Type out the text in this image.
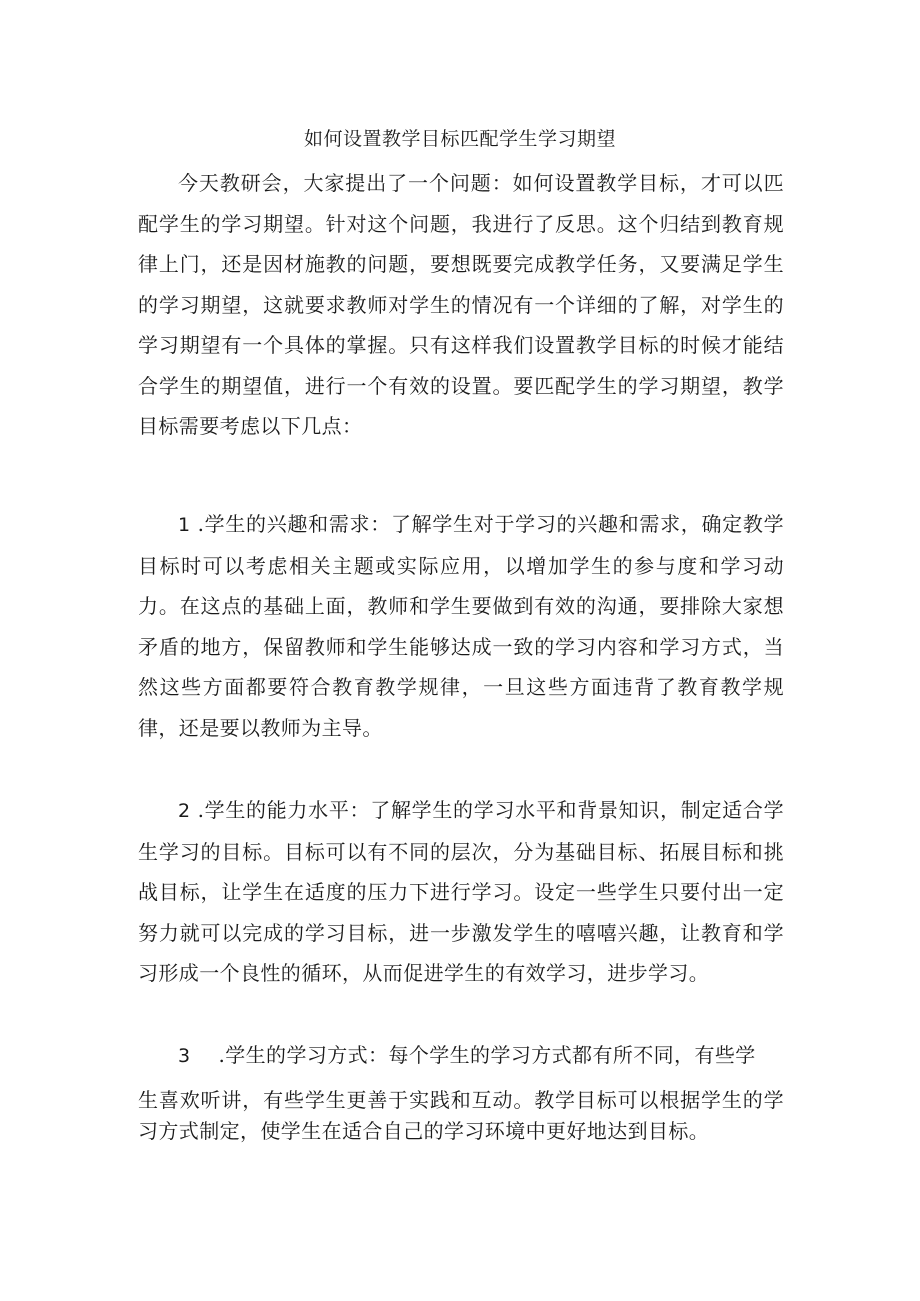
如何设置教学目标匹配学生学习期望

今天教研会，大家提出了一个问题：如何设置教学目标，才可以匹配学生的学习期望。针对这个问题，我进行了反思。这个归结到教育规律上门，还是因材施教的问题，要想既要完成教学任务，又要满足学生的学习期望，这就要求教师对学生的情况有一个详细的了解，对学生的学习期望有一个具体的掌握。只有这样我们设置教学目标的时候才能结合学生的期望值，进行一个有效的设置。要匹配学生的学习期望，教学目标需要考虑以下几点：

1 .学生的兴趣和需求：了解学生对于学习的兴趣和需求，确定教学目标时可以考虑相关主题或实际应用，以增加学生的参与度和学习动力。在这点的基础上面，教师和学生要做到有效的沟通，要排除大家想矛盾的地方，保留教师和学生能够达成一致的学习内容和学习方式，当然这些方面都要符合教育教学规律，一旦这些方面违背了教育教学规律，还是要以教师为主导。

2 .学生的能力水平：了解学生的学习水平和背景知识，制定适合学生学习的目标。目标可以有不同的层次，分为基础目标、拓展目标和挑战目标，让学生在适度的压力下进行学习。设定一些学生只要付出一定努力就可以完成的学习目标，进一步激发学生的嘻嘻兴趣，让教育和学习形成一个良性的循环，从而促进学生的有效学习，进步学习。

3 .学生的学习方式：每个学生的学习方式都有所不同，有些学

生喜欢听讲，有些学生更善于实践和互动。教学目标可以根据学生的学习方式制定，使学生在适合自己的学习环境中更好地达到目标。
